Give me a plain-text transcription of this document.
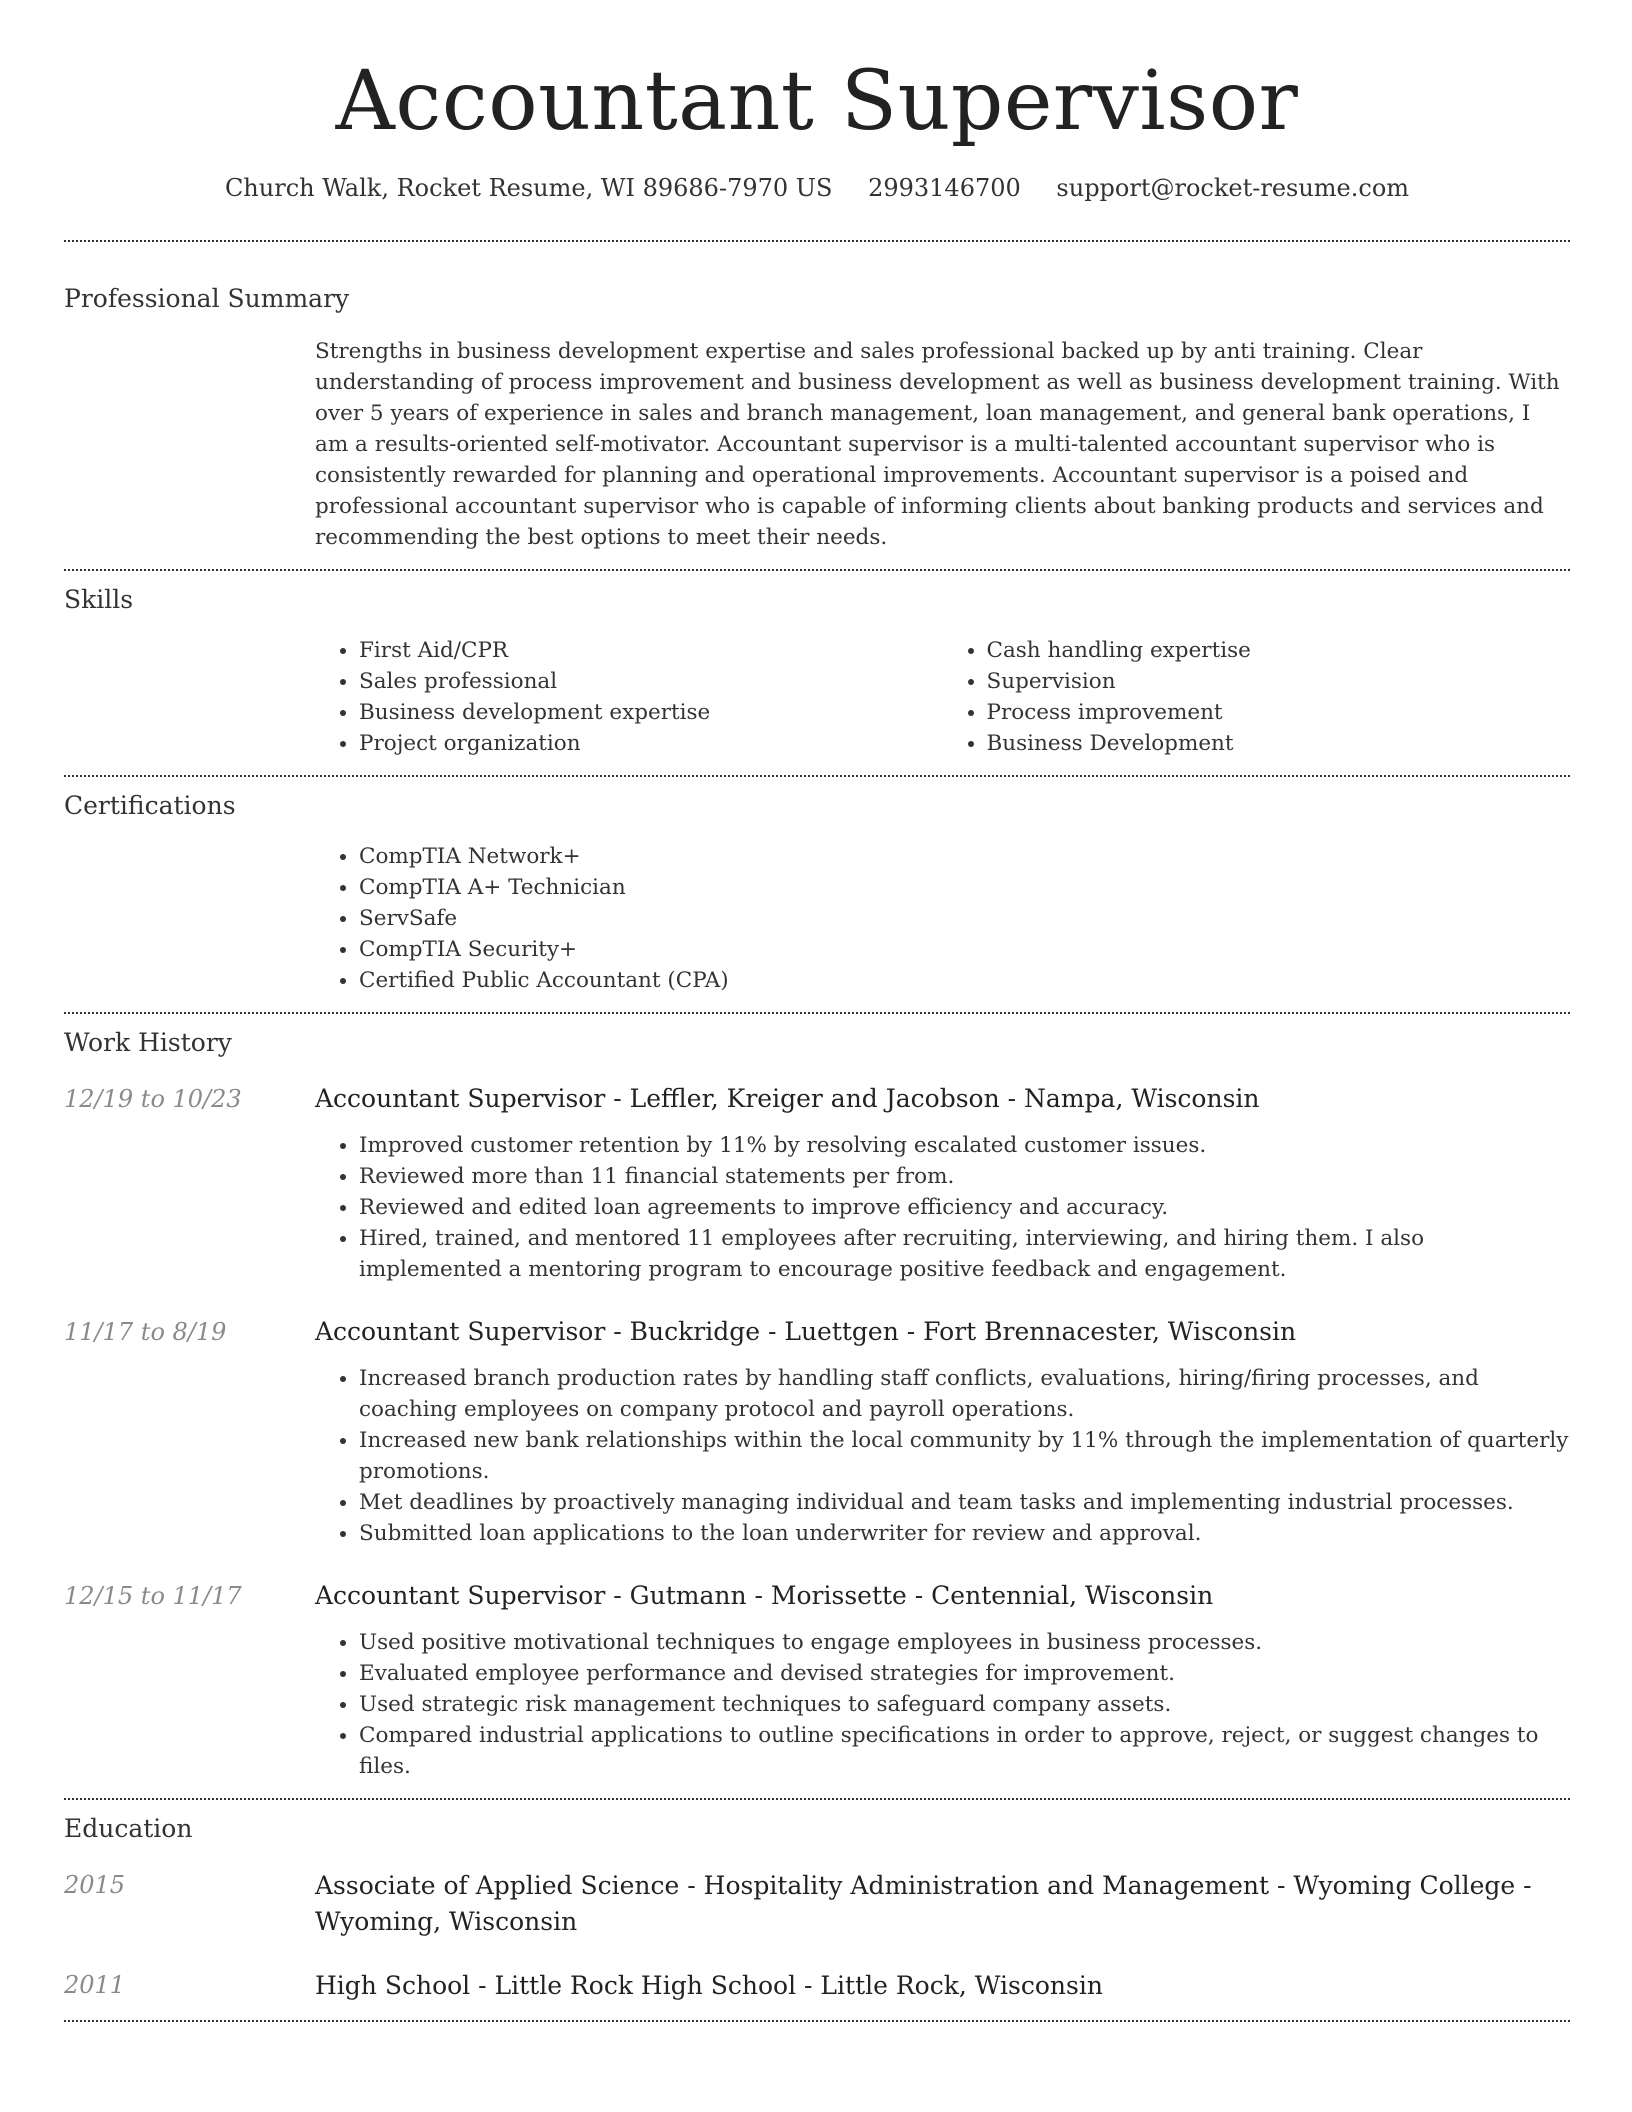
Accountant Supervisor
Church Walk, Rocket Resume, WI 89686-7970 US 2993146700 support@rocket-resume.com
Professional Summary
Strengths in business development expertise and sales professional backed up by anti training. Clear understanding of process improvement and business development as well as business development training. With over 5 years of experience in sales and branch management, loan management, and general bank operations, I am a results-oriented self-motivator. Accountant supervisor is a multi-talented accountant supervisor who is consistently rewarded for planning and operational improvements. Accountant supervisor is a poised and professional accountant supervisor who is capable of informing clients about banking products and services and recommending the best options to meet their needs.
Skills
• First Aid/CPR
• Sales professional
• Business development expertise
• Project organization
• Cash handling expertise
• Supervision
• Process improvement
• Business Development
Certifications
• CompTIA Network+
• CompTIA A+ Technician
• ServSafe
• CompTIA Security+
• Certified Public Accountant (CPA)
Work History
12/19 to 10/23	Accountant Supervisor - Leffler, Kreiger and Jacobson - Nampa, Wisconsin
• Improved customer retention by 11% by resolving escalated customer issues.
• Reviewed more than 11 financial statements per from.
• Reviewed and edited loan agreements to improve efficiency and accuracy.
• Hired, trained, and mentored 11 employees after recruiting, interviewing, and hiring them. I also implemented a mentoring program to encourage positive feedback and engagement.
11/17 to 8/19	Accountant Supervisor - Buckridge - Luettgen - Fort Brennacester, Wisconsin
• Increased branch production rates by handling staff conflicts, evaluations, hiring/firing processes, and coaching employees on company protocol and payroll operations.
• Increased new bank relationships within the local community by 11% through the implementation of quarterly promotions.
• Met deadlines by proactively managing individual and team tasks and implementing industrial processes.
• Submitted loan applications to the loan underwriter for review and approval.
12/15 to 11/17	Accountant Supervisor - Gutmann - Morissette - Centennial, Wisconsin
• Used positive motivational techniques to engage employees in business processes.
• Evaluated employee performance and devised strategies for improvement.
• Used strategic risk management techniques to safeguard company assets.
• Compared industrial applications to outline specifications in order to approve, reject, or suggest changes to files.
Education
2015	Associate of Applied Science - Hospitality Administration and Management - Wyoming College - Wyoming, Wisconsin
2011	High School - Little Rock High School - Little Rock, Wisconsin
